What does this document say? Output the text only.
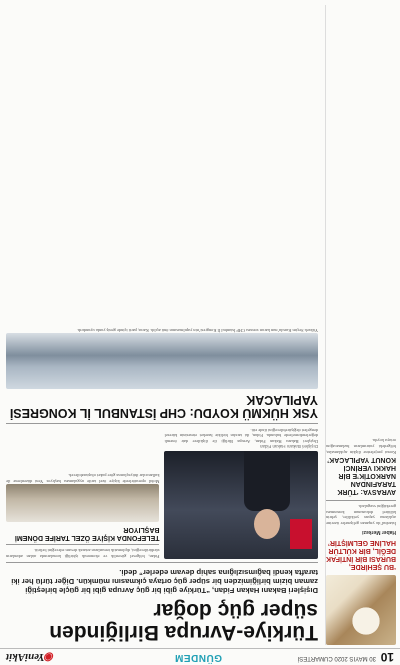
10
30 MAYIS 2020 CUMARTESİ
GÜNDEM
◉YeniAkit
‘BU ŞEHİRDE, BURASI BİR İNTİFAK DEĞİL, BİR KÜLTÜR HALİNE GELMİŞTİR’
Haber Merkezi
İstanbul’da yaşanan gelişmeler üzerine açıklama yapan yetkililer, şehrin kültürel dokusunun korunması gerektiğini vurguladı.
AVRASYA: ‘TÜRK TARAFINDAN NARKOTİK’E BİR HAKKI VERİNCİ KONUT YAPILACAK’
Konut projelerine ilişkin açıklamalar, bölgedeki yatırımların hızlanacağını ortaya koydu.
Türkiye-Avrupa Birliğinden süper güç doğar
Dışişleri Bakanı Hakan Fidan, “Türkiye gibi bir güç Avrupa gibi bir güçle birleştiği zaman bizim birliğimizden bir süper güç ortaya çıkmasını mümkün. Diğer türlü her iki tarafta kendi bağımsızlığına sahip devam ederler” dedi.
Dışişleri Bakanı Hakan Fidan
Dışişleri Bakanı Hakan Fidan, Avrupa Birliği ile ilişkilere dair önemli değerlendirmelerde bulundu. Fidan, iki tarafın birlikte hareket etmesinin küresel dengeleri değiştirebileceğini ifade etti.
Fidan, bölgesel güvenlik ve ekonomik işbirliği konularında atılan adımların sürdürüleceğini, diplomatik temasların artarak devam edeceğini belirtti.
TELEFONDA KİŞİYE ÖZEL TARİFE DÖNEMİ BAŞLIYOR
Mobil operatörlerde kişiye özel tarife uygulaması başlıyor. Yeni düzenleme ile kullanıcılar ihtiyaçlarına göre paket oluşturabilecek.
YSK HÜKMÜ KOYDU: CHP İSTANBUL İL KONGRESİ YAPILACAK
Yüksek Seçim Kurulu’nun kararı sonrası CHP İstanbul İl Kongresi’nin yapılmasının önü açıldı. Karar, parti içinde geniş yankı uyandırdı.
